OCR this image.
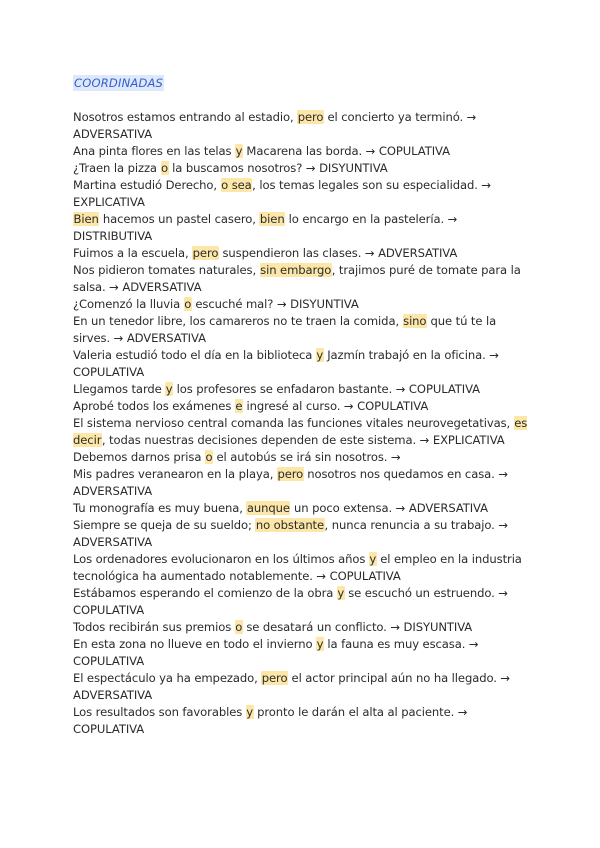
COORDINADAS

Nosotros estamos entrando al estadio, pero el concierto ya terminó. → ADVERSATIVA

Ana pinta flores en las telas y Macarena las borda. → COPULATIVA

¿Traen la pizza o la buscamos nosotros? → DISYUNTIVA

Martina estudió Derecho, o sea, los temas legales son su especialidad. → EXPLICATIVA

Bien hacemos un pastel casero, bien lo encargo en la pastelería. → DISTRIBUTIVA

Fuimos a la escuela, pero suspendieron las clases. → ADVERSATIVA

Nos pidieron tomates naturales, sin embargo, trajimos puré de tomate para la salsa. → ADVERSATIVA

¿Comenzó la lluvia o escuché mal? → DISYUNTIVA

En un tenedor libre, los camareros no te traen la comida, sino que tú te la sirves. → ADVERSATIVA

Valeria estudió todo el día en la biblioteca y Jazmín trabajó en la oficina. → COPULATIVA

Llegamos tarde y los profesores se enfadaron bastante. → COPULATIVA

Aprobé todos los exámenes e ingresé al curso. → COPULATIVA

El sistema nervioso central comanda las funciones vitales neurovegetativas, es decir, todas nuestras decisiones dependen de este sistema. → EXPLICATIVA

Debemos darnos prisa o el autobús se irá sin nosotros. →

Mis padres veranearon en la playa, pero nosotros nos quedamos en casa. → ADVERSATIVA

Tu monografía es muy buena, aunque un poco extensa. → ADVERSATIVA

Siempre se queja de su sueldo; no obstante, nunca renuncia a su trabajo. → ADVERSATIVA

Los ordenadores evolucionaron en los últimos años y el empleo en la industria tecnológica ha aumentado notablemente. → COPULATIVA

Estábamos esperando el comienzo de la obra y se escuchó un estruendo. → COPULATIVA

Todos recibirán sus premios o se desatará un conflicto. → DISYUNTIVA

En esta zona no llueve en todo el invierno y la fauna es muy escasa. → COPULATIVA

El espectáculo ya ha empezado, pero el actor principal aún no ha llegado. → ADVERSATIVA

Los resultados son favorables y pronto le darán el alta al paciente. → COPULATIVA
